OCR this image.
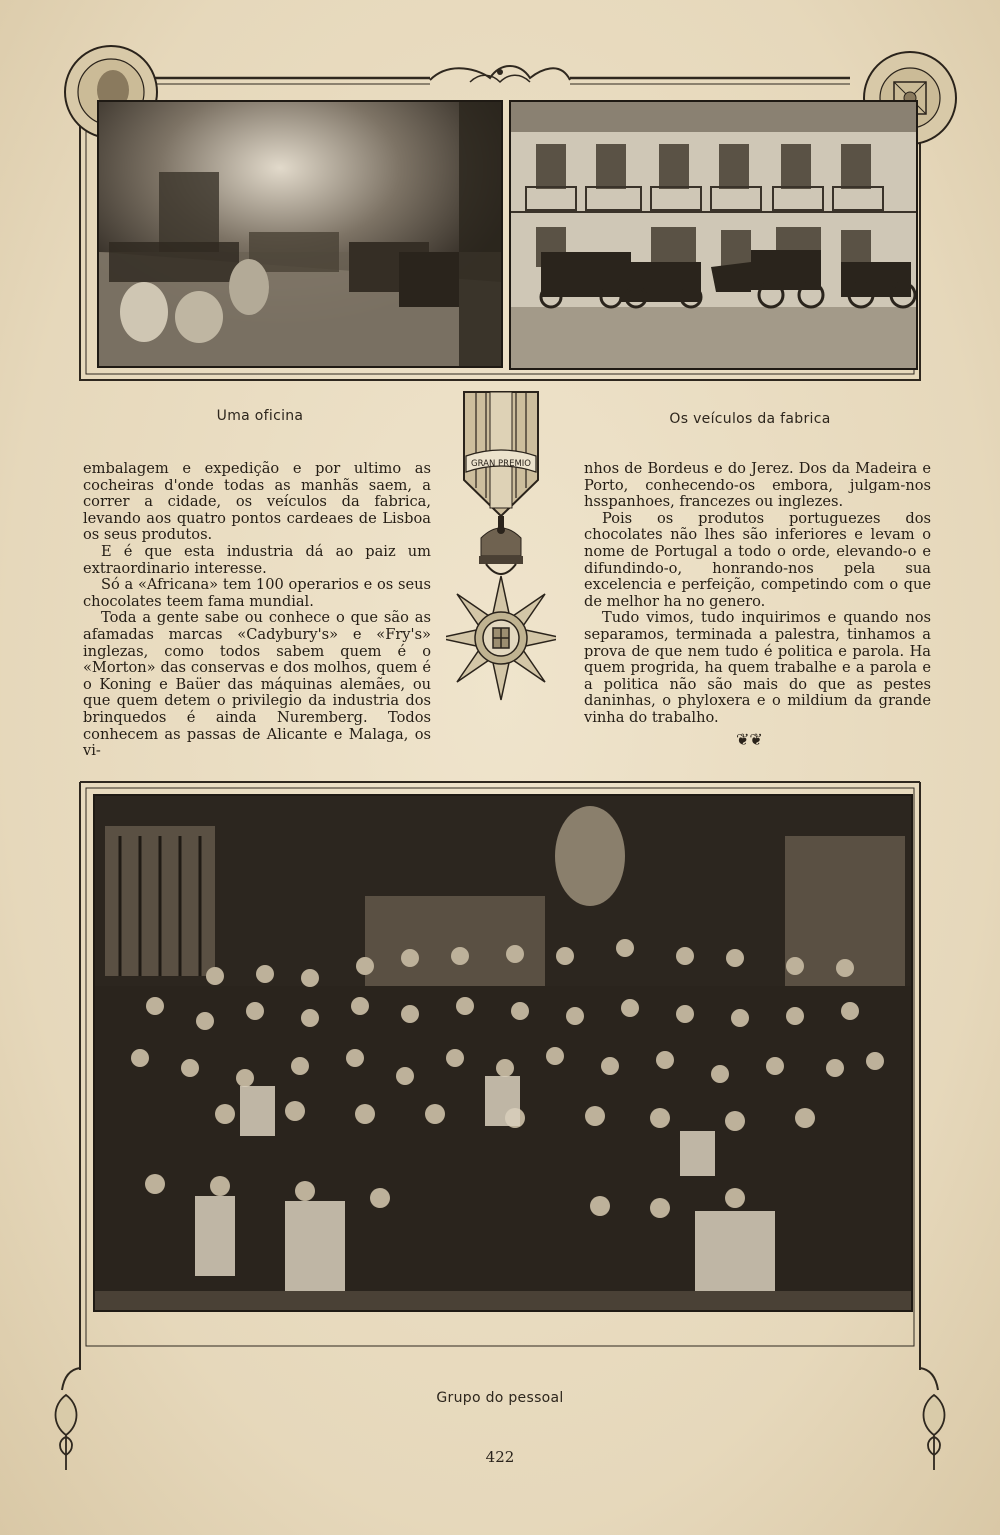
Uma oficina	Os veículos da fabrica
GRAN PREMIO

embalagem e expedição e por ultimo as cocheiras d'onde todas as manhãs saem, a correr a cidade, os veículos da fabrica, levando aos quatro pontos cardeaes de Lisboa os seus produtos.

E é que esta industria dá ao paiz um extraordinario interesse.

Só a «Africana» tem 100 operarios e os seus chocolates teem fama mundial.

Toda a gente sabe ou conhece o que são as afamadas marcas «Cadybury's» e «Fry's» inglezas, como todos sabem quem é o «Morton» das conservas e dos molhos, quem é o Koning e Baüer das máquinas alemães, ou que quem detem o privilegio da industria dos brinquedos é ainda Nuremberg. Todos conhecem as passas de Alicante e Malaga, os vi-

nhos de Bordeus e do Jerez. Dos da Madeira e Porto, conhecendo-os embora, julgam-nos hsspanhoes, francezes ou inglezes.

Pois os produtos portuguezes dos chocolates não lhes são inferiores e levam o nome de Portugal a todo o orde, elevando-o e difundindo-o, honrando-nos pela sua excelencia e perfeição, competindo com o que de melhor ha no genero.

Tudo vimos, tudo inquirimos e quando nos separamos, terminada a palestra, tinhamos a prova de que nem tudo é politica e parola. Ha quem progrida, ha quem trabalhe e a parola e a politica não são mais do que as pestes daninhas, o phyloxera e o mildium da grande vinha do trabalho.

❦❦
Grupo do pessoal
422
